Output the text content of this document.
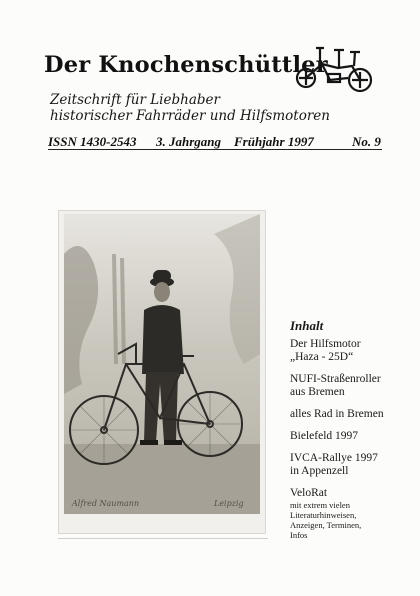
Der Knochenschüttler
Zeitschrift für Liebhaber
historischer Fahrräder und Hilfsmotoren
ISSN 1430-2543 3. Jahrgang Frühjahr 1997	No. 9
Alfred Naumann	Leipzig
Inhalt
Der Hilfsmotor
„Haza - 25D“
NUFI-Straßenroller
aus Bremen
alles Rad in Bremen
Bielefeld 1997
IVCA-Rallye 1997
in Appenzell
VeloRat
mit extrem vielen
Literaturhinweisen,
Anzeigen, Terminen,
Infos
